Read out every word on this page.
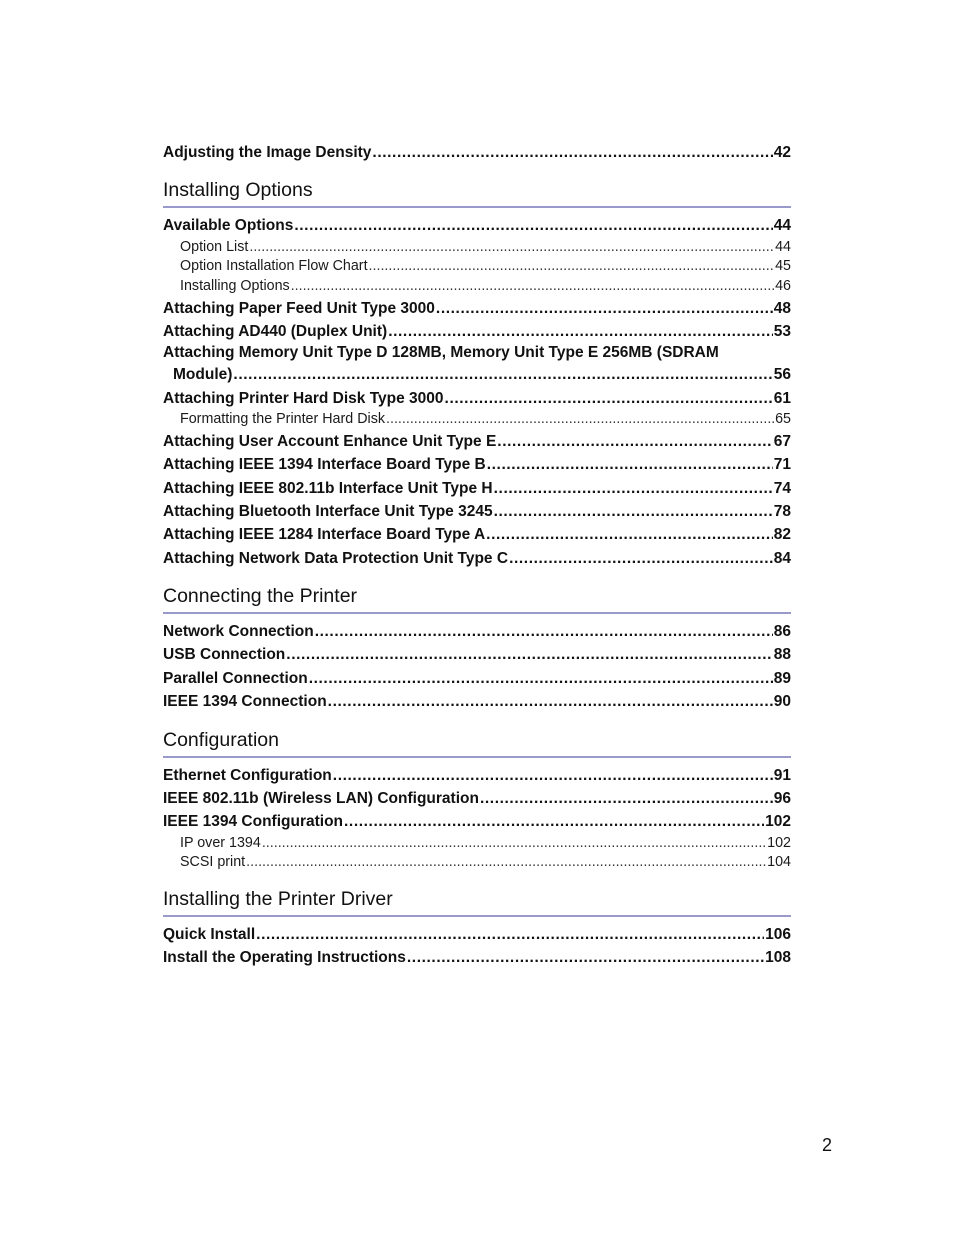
Adjusting the Image Density .....	42
Installing Options
Available Options .....	44
Option List .....	44
Option Installation Flow Chart .....	45
Installing Options .....	46
Attaching Paper Feed Unit Type 3000 .....	48
Attaching AD440 (Duplex Unit) .....	53
Attaching Memory Unit Type D 128MB, Memory Unit Type E 256MB (SDRAM
Module) .....	56
Attaching Printer Hard Disk Type 3000 .....	61
Formatting the Printer Hard Disk .....	65
Attaching User Account Enhance Unit Type E .....	67
Attaching IEEE 1394 Interface Board Type B .....	71
Attaching IEEE 802.11b Interface Unit Type H .....	74
Attaching Bluetooth Interface Unit Type 3245 .....	78
Attaching IEEE 1284 Interface Board Type A .....	82
Attaching Network Data Protection Unit Type C .....	84
Connecting the Printer
Network Connection .....	86
USB Connection .....	88
Parallel Connection .....	89
IEEE 1394 Connection .....	90
Configuration
Ethernet Configuration .....	91
IEEE 802.11b (Wireless LAN) Configuration .....	96
IEEE 1394 Configuration .....	102
IP over 1394 .....	102
SCSI print .....	104
Installing the Printer Driver
Quick Install .....	106
Install the Operating Instructions .....	108
2
